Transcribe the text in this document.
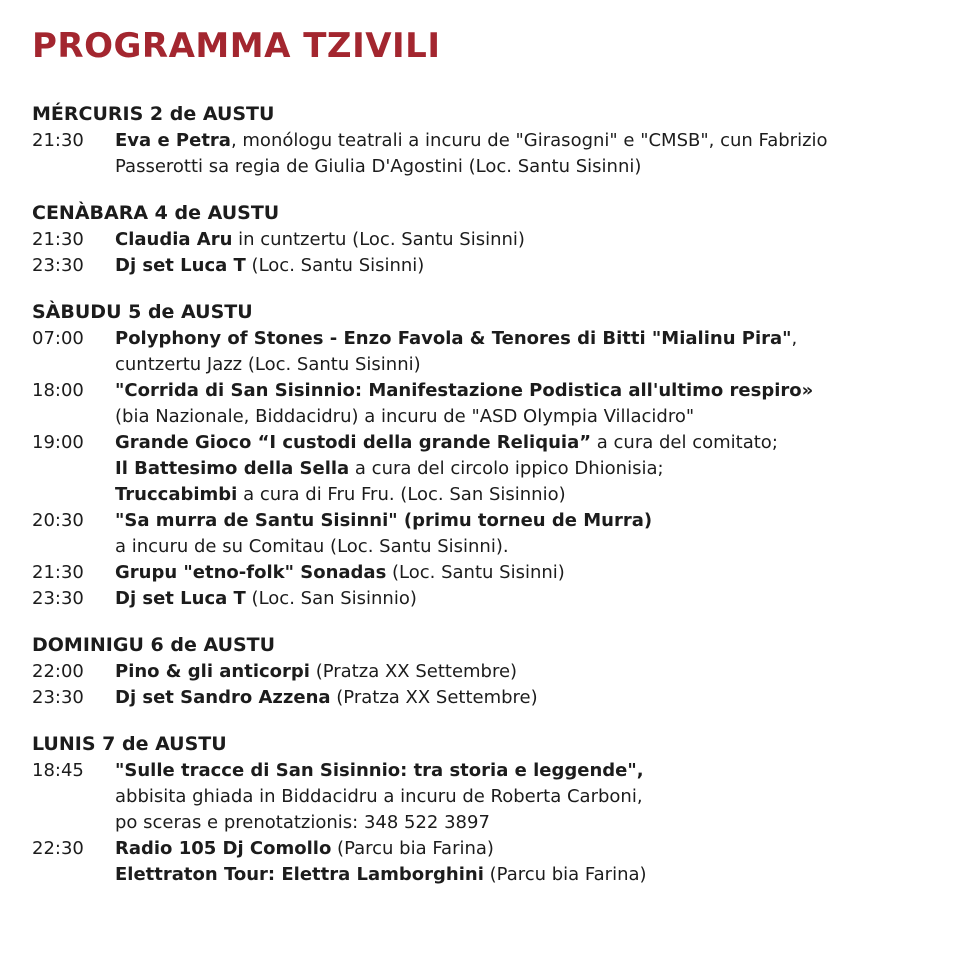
PROGRAMMA TZIVILI
MÉRCURIS 2 de AUSTU
21:30	Eva e Petra, monólogu teatrali a incuru de "Girasogni" e "CMSB", cun Fabrizio
Passerotti sa regia de Giulia D'Agostini (Loc. Santu Sisinni)
CENÀBARA 4 de AUSTU
21:30	Claudia Aru in cuntzertu (Loc. Santu Sisinni)
23:30	Dj set Luca T (Loc. Santu Sisinni)
SÀBUDU 5 de AUSTU
07:00	Polyphony of Stones - Enzo Favola & Tenores di Bitti "Mialinu Pira",
cuntzertu Jazz (Loc. Santu Sisinni)
18:00	"Corrida di San Sisinnio: Manifestazione Podistica all'ultimo respiro»
(bia Nazionale, Biddacidru) a incuru de "ASD Olympia Villacidro"
19:00	Grande Gioco “I custodi della grande Reliquia” a cura del comitato;
Il Battesimo della Sella a cura del circolo ippico Dhionisia;
Truccabimbi a cura di Fru Fru. (Loc. San Sisinnio)
20:30	"Sa murra de Santu Sisinni" (primu torneu de Murra)
a incuru de su Comitau (Loc. Santu Sisinni).
21:30	Grupu "etno-folk" Sonadas (Loc. Santu Sisinni)
23:30	Dj set Luca T (Loc. San Sisinnio)
DOMINIGU 6 de AUSTU
22:00	Pino & gli anticorpi (Pratza XX Settembre)
23:30	Dj set Sandro Azzena (Pratza XX Settembre)
LUNIS 7 de AUSTU
18:45	"Sulle tracce di San Sisinnio: tra storia e leggende",
abbisita ghiada in Biddacidru a incuru de Roberta Carboni,
po sceras e prenotatzionis: 348 522 3897
22:30	Radio 105 Dj Comollo (Parcu bia Farina)
Elettraton Tour: Elettra Lamborghini (Parcu bia Farina)
